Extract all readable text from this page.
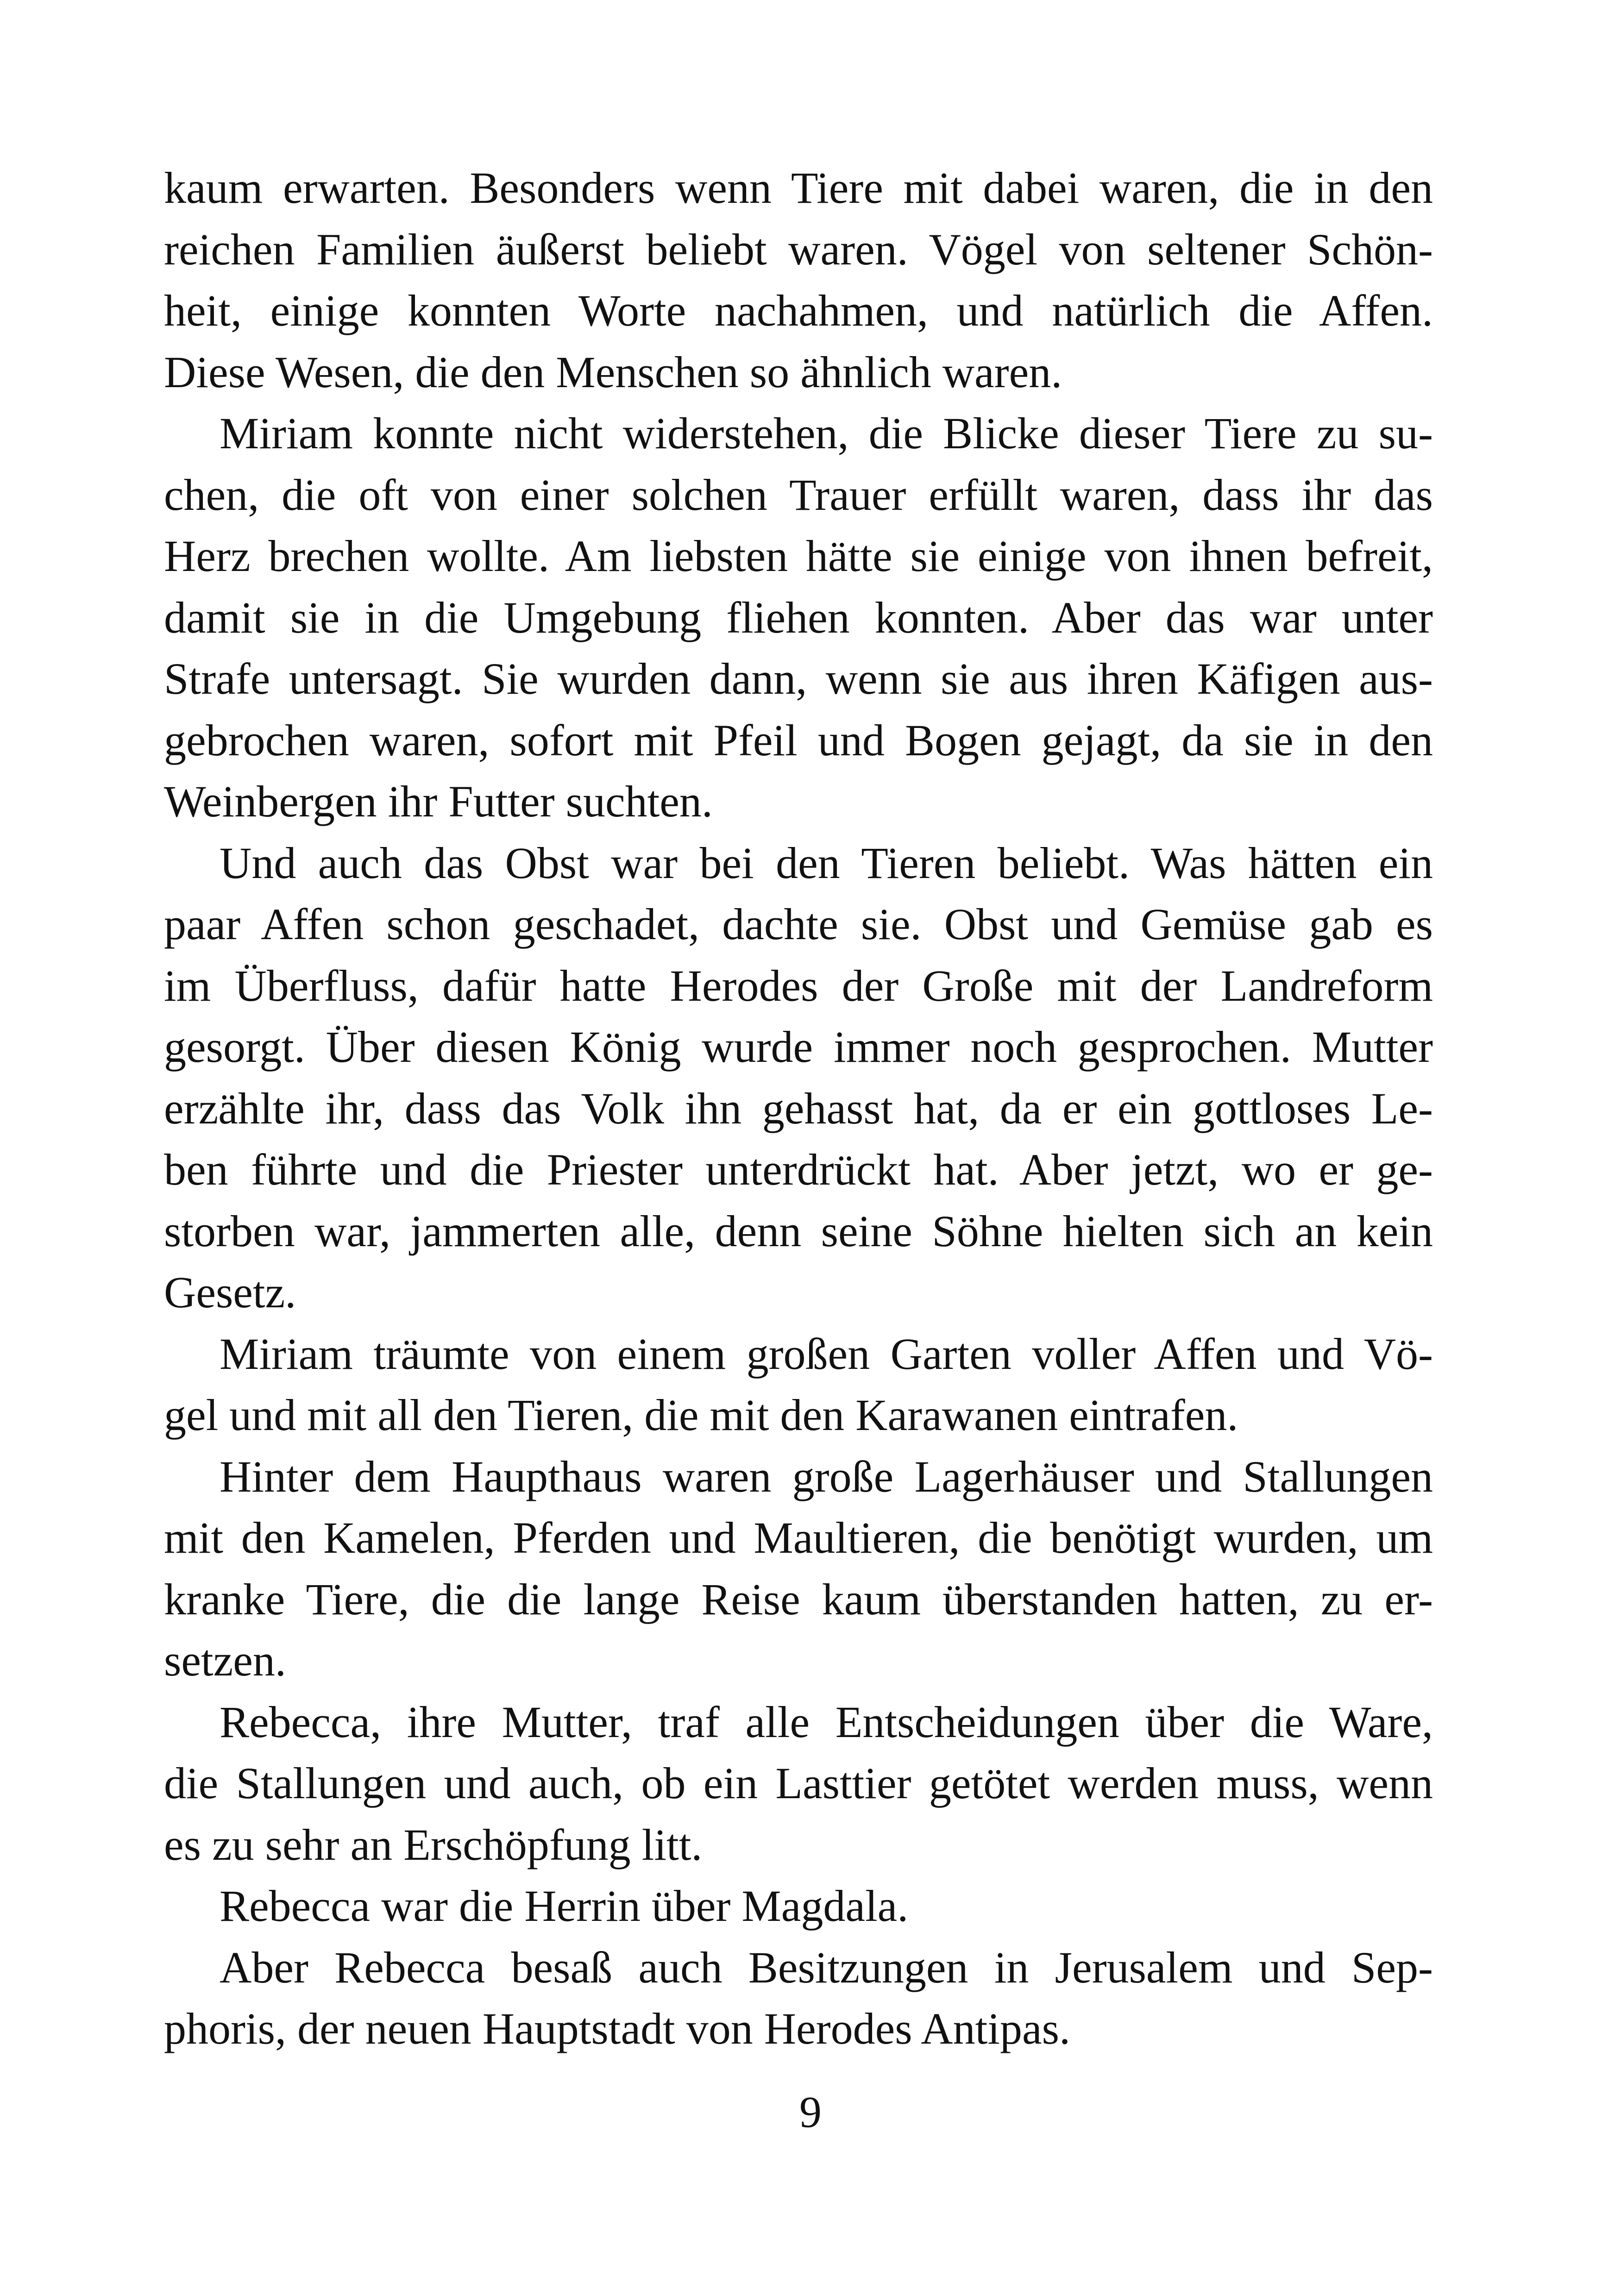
kaum erwarten. Besonders wenn Tiere mit dabei waren, die in den
reichen Familien äußerst beliebt waren. Vögel von seltener Schön-
heit, einige konnten Worte nachahmen, und natürlich die Affen.
Diese Wesen, die den Menschen so ähnlich waren.
Miriam konnte nicht widerstehen, die Blicke dieser Tiere zu su-
chen, die oft von einer solchen Trauer erfüllt waren, dass ihr das
Herz brechen wollte. Am liebsten hätte sie einige von ihnen befreit,
damit sie in die Umgebung fliehen konnten. Aber das war unter
Strafe untersagt. Sie wurden dann, wenn sie aus ihren Käfigen aus-
gebrochen waren, sofort mit Pfeil und Bogen gejagt, da sie in den
Weinbergen ihr Futter suchten.
Und auch das Obst war bei den Tieren beliebt. Was hätten ein
paar Affen schon geschadet, dachte sie. Obst und Gemüse gab es
im Überfluss, dafür hatte Herodes der Große mit der Landreform
gesorgt. Über diesen König wurde immer noch gesprochen. Mutter
erzählte ihr, dass das Volk ihn gehasst hat, da er ein gottloses Le-
ben führte und die Priester unterdrückt hat. Aber jetzt, wo er ge-
storben war, jammerten alle, denn seine Söhne hielten sich an kein
Gesetz.
Miriam träumte von einem großen Garten voller Affen und Vö-
gel und mit all den Tieren, die mit den Karawanen eintrafen.
Hinter dem Haupthaus waren große Lagerhäuser und Stallungen
mit den Kamelen, Pferden und Maultieren, die benötigt wurden, um
kranke Tiere, die die lange Reise kaum überstanden hatten, zu er-
setzen.
Rebecca, ihre Mutter, traf alle Entscheidungen über die Ware,
die Stallungen und auch, ob ein Lasttier getötet werden muss, wenn
es zu sehr an Erschöpfung litt.
Rebecca war die Herrin über Magdala.
Aber Rebecca besaß auch Besitzungen in Jerusalem und Sep-
phoris, der neuen Hauptstadt von Herodes Antipas.
9
